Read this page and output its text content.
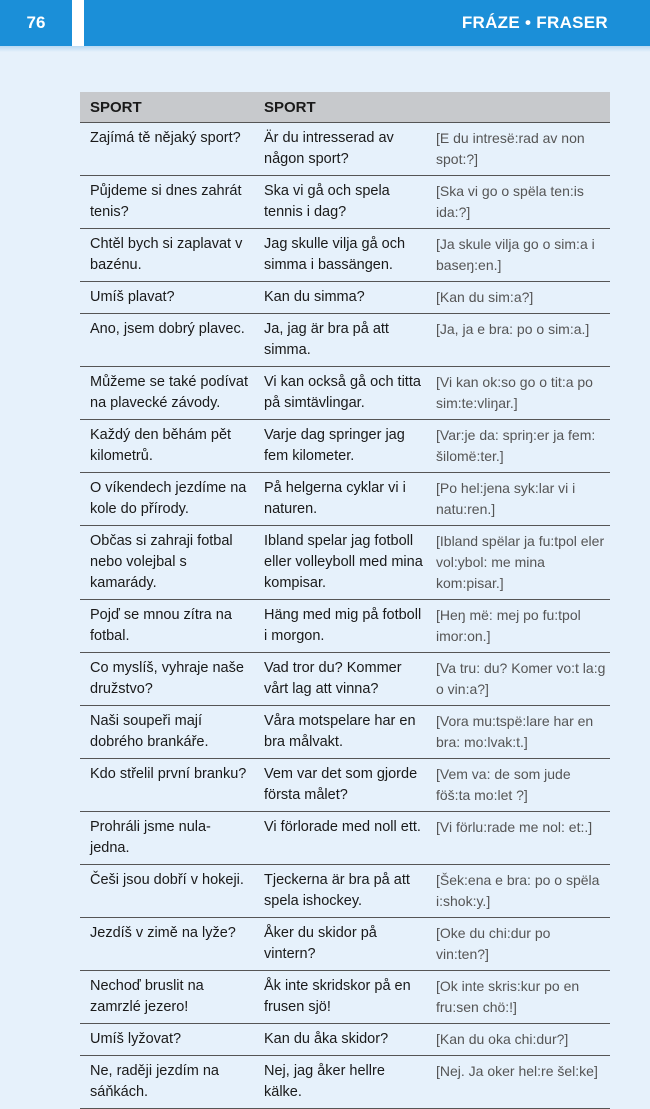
76	FRÁZE • FRASER
SPORT	SPORT	
Zajímá tě nějaký sport?	Är du intresserad av någon sport?	[E du intresë:rad av non spot:?]
Půjdeme si dnes zahrát tenis?	Ska vi gå och spela tennis i dag?	[Ska vi go o spëla ten:is ida:?]
Chtěl bych si zaplavat v bazénu.	Jag skulle vilja gå och simma i bassängen.	[Ja skule vilja go o sim:a i baseŋ:en.]
Umíš plavat?	Kan du simma?	[Kan du sim:a?]
Ano, jsem dobrý plavec.	Ja, jag är bra på att simma.	[Ja, ja e bra: po o sim:a.]
Můžeme se také podívat na plavecké závody.	Vi kan också gå och titta på simtävlingar.	[Vi kan ok:so go o tit:a po sim:te:vliŋar.]
Každý den běhám pět kilometrů.	Varje dag springer jag fem kilometer.	[Var:je da: spriŋ:er ja fem: šilomë:ter.]
O víkendech jezdíme na kole do přírody.	På helgerna cyklar vi i naturen.	[Po hel:jena syk:lar vi i natu:ren.]
Občas si zahraji fotbal nebo volejbal s kamarády.	Ibland spelar jag fotboll eller volleyboll med mina kompisar.	[Ibland spëlar ja fu:tpol eler vol:ybol: me mina kom:pisar.]
Pojď se mnou zítra na fotbal.	Häng med mig på fotboll i morgon.	[Heŋ më: mej po fu:tpol imor:on.]
Co myslíš, vyhraje naše družstvo?	Vad tror du? Kommer vårt lag att vinna?	[Va tru: du? Komer vo:t la:g o vin:a?]
Naši soupeři mají dobrého brankáře.	Våra motspelare har en bra målvakt.	[Vora mu:tspë:lare har en bra: mo:lvak:t.]
Kdo střelil první branku?	Vem var det som gjorde första målet?	[Vem va: de som jude föš:ta mo:let ?]
Prohráli jsme nula-jedna.	Vi förlorade med noll ett.	[Vi förlu:rade me nol: et:.]
Češi jsou dobří v hokeji.	Tjeckerna är bra på att spela ishockey.	[Šek:ena e bra: po o spëla i:shok:y.]
Jezdíš v zimě na lyže?	Åker du skidor på vintern?	[Oke du chi:dur po vin:ten?]
Nechoď bruslit na zamrzlé jezero!	Åk inte skridskor på en frusen sjö!	[Ok inte skris:kur po en fru:sen chö:!]
Umíš lyžovat?	Kan du åka skidor?	[Kan du oka chi:dur?]
Ne, raději jezdím na sáňkách.	Nej, jag åker hellre kälke.	[Nej. Ja oker hel:re šel:ke]
